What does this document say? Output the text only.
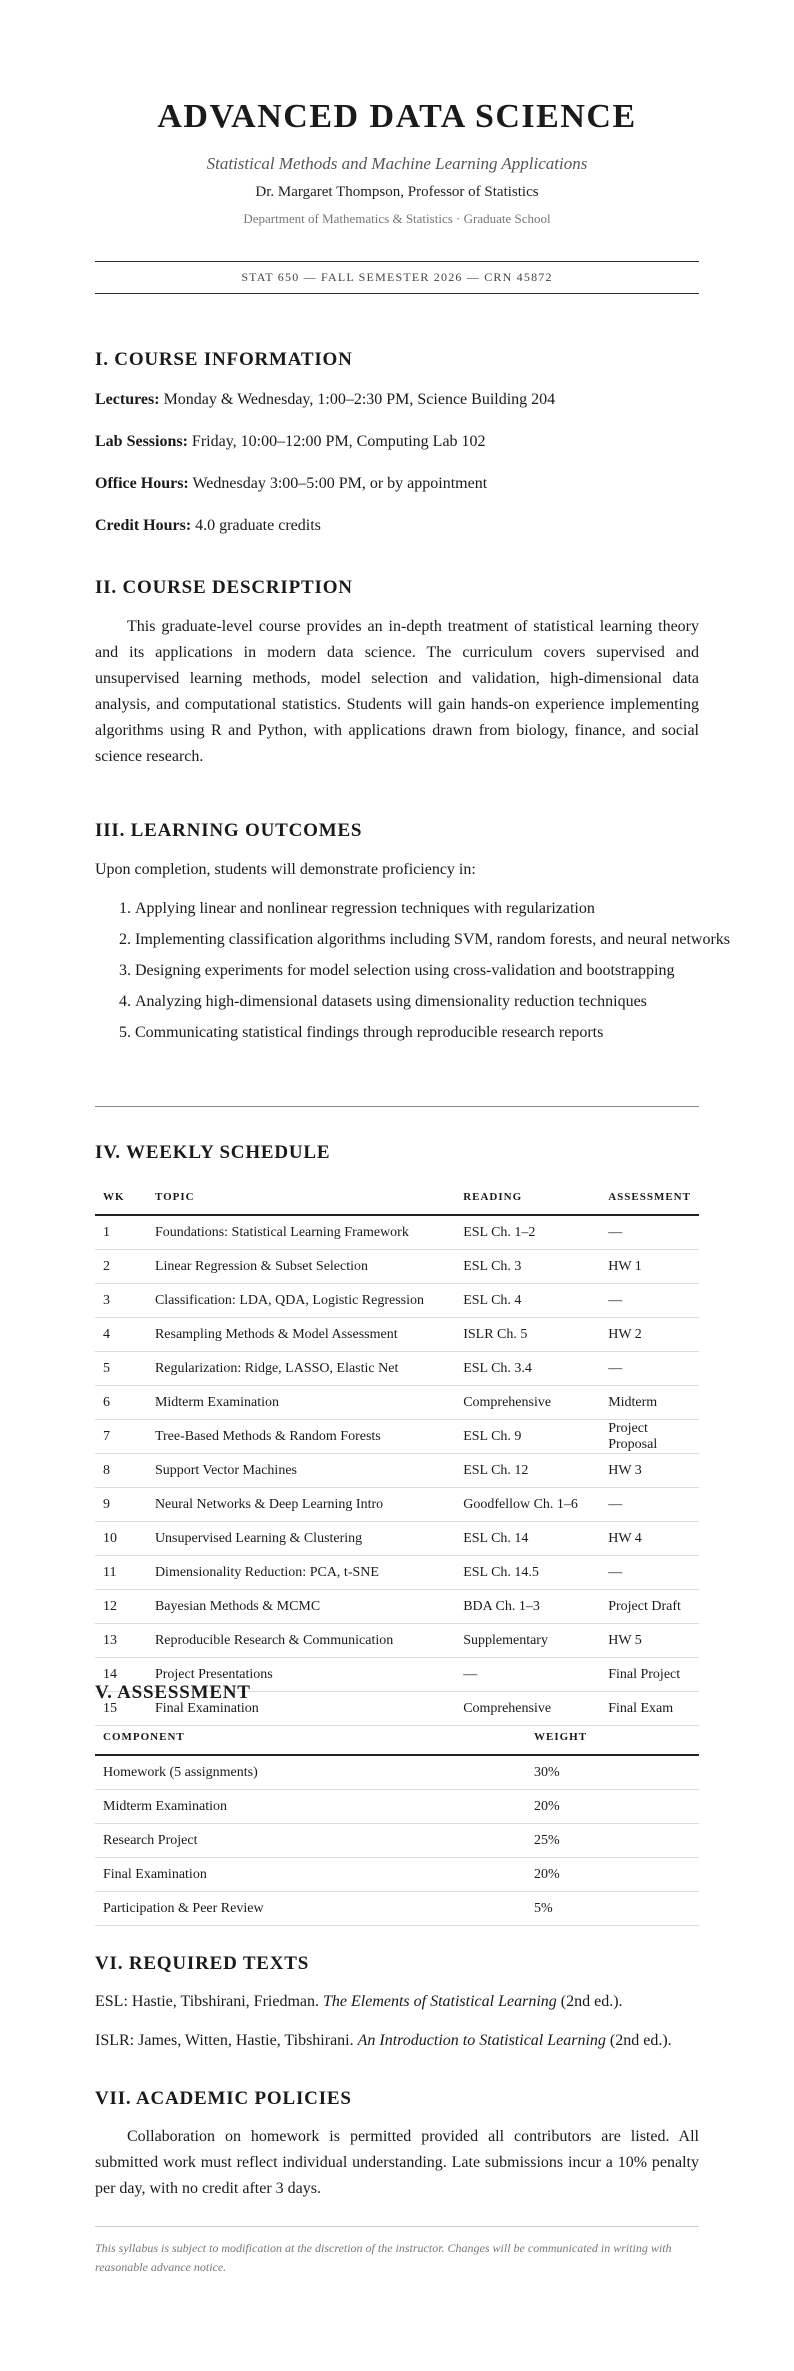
ADVANCED DATA SCIENCE
Statistical Methods and Machine Learning Applications
Dr. Margaret Thompson, Professor of Statistics
Department of Mathematics & Statistics · Graduate School
STAT 650 — FALL SEMESTER 2026 — CRN 45872
I. COURSE INFORMATION
Lectures: Monday & Wednesday, 1:00–2:30 PM, Science Building 204
Lab Sessions: Friday, 10:00–12:00 PM, Computing Lab 102
Office Hours: Wednesday 3:00–5:00 PM, or by appointment
Credit Hours: 4.0 graduate credits
II. COURSE DESCRIPTION

This graduate-level course provides an in-depth treatment of statistical learning theory and its applications in modern data science. The curriculum covers supervised and unsupervised learning methods, model selection and validation, high-dimensional data analysis, and computational statistics. Students will gain hands-on experience implementing algorithms using R and Python, with applications drawn from biology, finance, and social science research.

III. LEARNING OUTCOMES
Upon completion, students will demonstrate proficiency in:
1. Applying linear and nonlinear regression techniques with regularization
2. Implementing classification algorithms including SVM, random forests, and neural networks
3. Designing experiments for model selection using cross-validation and bootstrapping
4. Analyzing high-dimensional datasets using dimensionality reduction techniques
5. Communicating statistical findings through reproducible research reports
IV. WEEKLY SCHEDULE
WK	TOPIC	READING	ASSESSMENT
1	Foundations: Statistical Learning Framework	ESL Ch. 1–2	—
2	Linear Regression & Subset Selection	ESL Ch. 3	HW 1
3	Classification: LDA, QDA, Logistic Regression	ESL Ch. 4	—
4	Resampling Methods & Model Assessment	ISLR Ch. 5	HW 2
5	Regularization: Ridge, LASSO, Elastic Net	ESL Ch. 3.4	—
6	Midterm Examination	Comprehensive	Midterm
7	Tree-Based Methods & Random Forests	ESL Ch. 9	Project Proposal
8	Support Vector Machines	ESL Ch. 12	HW 3
9	Neural Networks & Deep Learning Intro	Goodfellow Ch. 1–6	—
10	Unsupervised Learning & Clustering	ESL Ch. 14	HW 4
11	Dimensionality Reduction: PCA, t-SNE	ESL Ch. 14.5	—
12	Bayesian Methods & MCMC	BDA Ch. 1–3	Project Draft
13	Reproducible Research & Communication	Supplementary	HW 5
14	Project Presentations	—	Final Project
15	Final Examination	Comprehensive	Final Exam
V. ASSESSMENT
COMPONENT	WEIGHT
Homework (5 assignments)	30%
Midterm Examination	20%
Research Project	25%
Final Examination	20%
Participation & Peer Review	5%
VI. REQUIRED TEXTS
ESL: Hastie, Tibshirani, Friedman. The Elements of Statistical Learning (2nd ed.).
ISLR: James, Witten, Hastie, Tibshirani. An Introduction to Statistical Learning (2nd ed.).
VII. ACADEMIC POLICIES

Collaboration on homework is permitted provided all contributors are listed. All submitted work must reflect individual understanding. Late submissions incur a 10% penalty per day, with no credit after 3 days.

This syllabus is subject to modification at the discretion of the instructor. Changes will be communicated in writing with reasonable advance notice.
